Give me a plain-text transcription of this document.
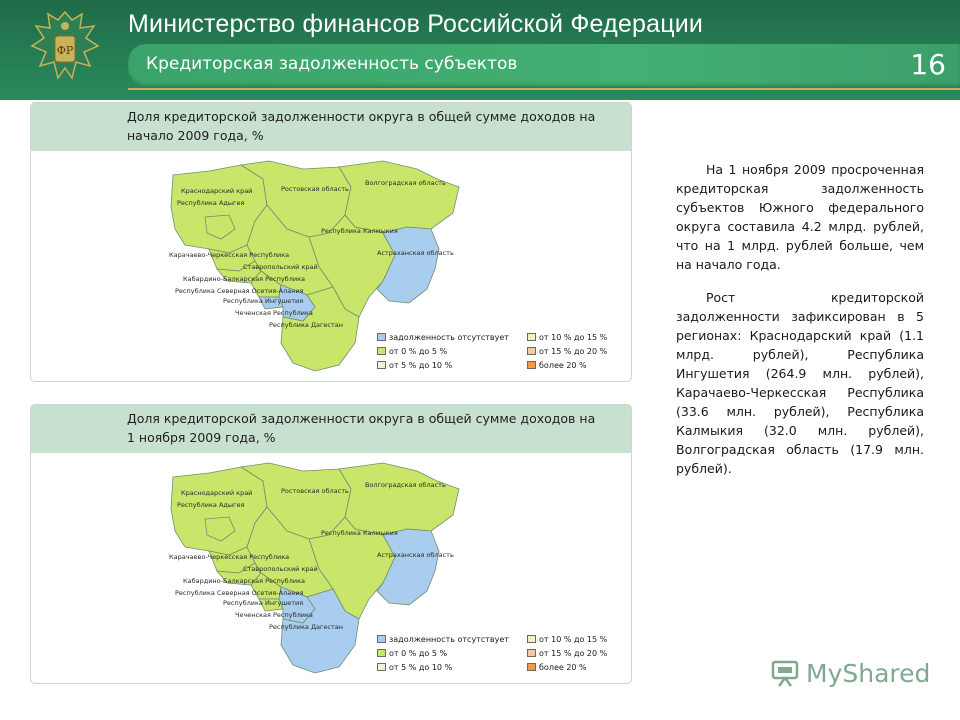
ФР
Министерство финансов Российской Федерации
Кредиторская задолженность субъектов	16
Доля кредиторской задолженности округа в общей сумме доходов на начало 2009 года, %
Краснодарский край
Республика Адыгея
Ростовская область
Волгоградская область
Республика Калмыкия
Астраханская область
Карачаево-Черкесская Республика
Ставропольский край
Кабардино-Балкарская Республика
Республика Северная Осетия-Алания
Республика Ингушетия
Чеченская Республика
Республика Дагестан
задолженность отсутствует
от 0 % до 5 %
от 5 % до 10 %
от 10 % до 15 %
от 15 % до 20 %
более 20 %
Доля кредиторской задолженности округа в общей сумме доходов на 1 ноября 2009 года, %
Краснодарский край
Республика Адыгея
Ростовская область
Волгоградская область
Республика Калмыкия
Астраханская область
Карачаево-Черкесская Республика
Ставропольский край
Кабардино-Балкарская Республика
Республика Северная Осетия-Алания
Республика Ингушетия
Чеченская Республика
Республика Дагестан
задолженность отсутствует
от 0 % до 5 %
от 5 % до 10 %
от 10 % до 15 %
от 15 % до 20 %
более 20 %

На 1 ноября 2009 просроченная кредиторская задолженность субъектов Южного федерального округа составила 4.2 млрд. рублей, что на 1 млрд. рублей больше, чем на начало года.

Рост кредиторской задолженности зафиксирован в 5 регионах: Краснодарский край (1.1 млрд. рублей), Республика Ингушетия (264.9 млн. рублей), Карачаево-Черкесская Республика (33.6 млн. рублей), Республика Калмыкия (32.0 млн. рублей), Волгоградская область (17.9 млн. рублей).

MyShared
